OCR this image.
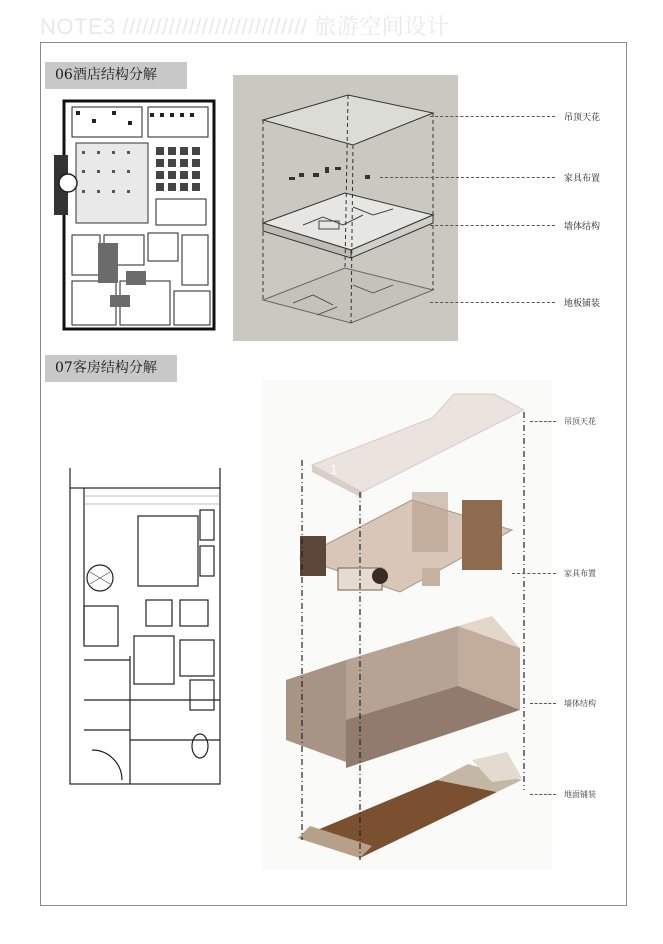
NOTE3 //////////////////////////// 旅游空间设计
06酒店结构分解
吊顶天花
家具布置
墙体结构
地板铺装
07客房结构分解
1
吊顶天花
家具布置
墙体结构
地面铺装
